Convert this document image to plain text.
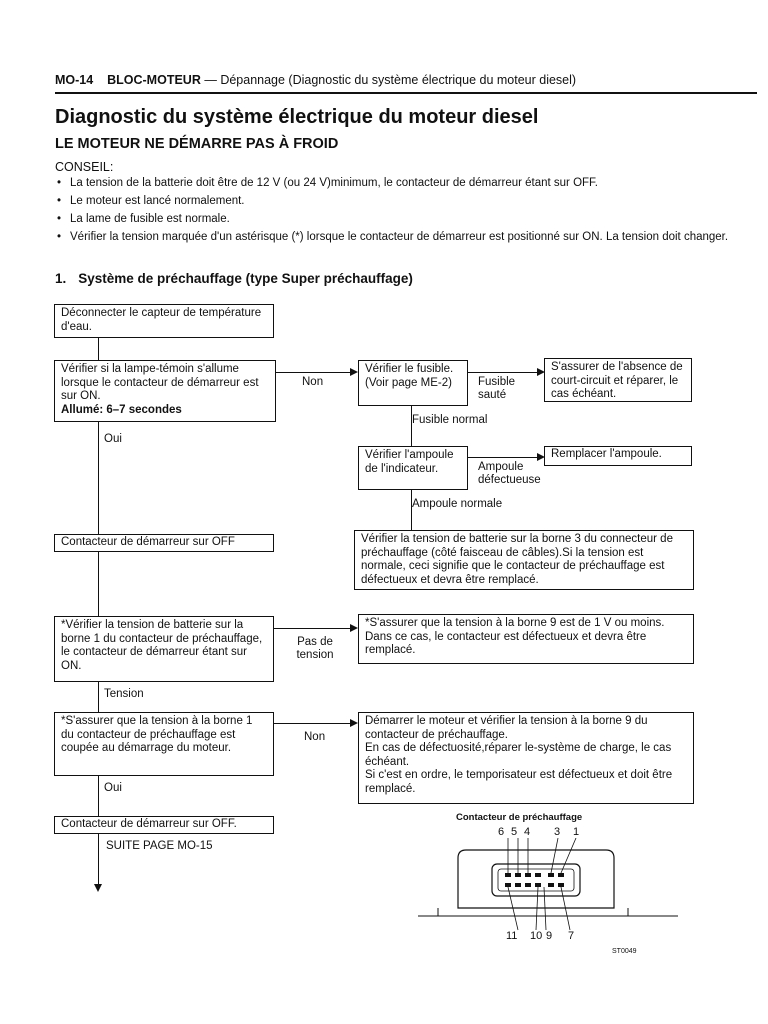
MO-14 BLOC-MOTEUR — Dépannage (Diagnostic du système électrique du moteur diesel)
Diagnostic du système électrique du moteur diesel
LE MOTEUR NE DÉMARRE PAS À FROID
CONSEIL:
• La tension de la batterie doit être de 12 V (ou 24 V)minimum, le contacteur de démarreur étant sur OFF.
• Le moteur est lancé normalement.
• La lame de fusible est normale.
• Vérifier la tension marquée d'un astérisque (*) lorsque le contacteur de démarreur est positionné sur ON. La tension doit changer.
1. Système de préchauffage (type Super préchauffage)
Déconnecter le capteur de température d'eau.
Vérifier si la lampe-témoin s'allume lorsque le contacteur de démarreur est sur ON.
Allumé: 6–7 secondes
Non
Vérifier le fusible.(Voir page ME-2)	Fusible sauté
S'assurer de l'absence de court-circuit et réparer, le cas échéant.
Fusible normal
Vérifier l'ampoule de l'indicateur.	Ampoule défectueuse
Remplacer l'ampoule.
Ampoule normale
Oui
Contacteur de démarreur sur OFF	Vérifier la tension de batterie sur la borne 3 du connecteur de préchauffage (côté faisceau de câbles).Si la tension est normale, ceci signifie que le contacteur de préchauffage est défectueux et devra être remplacé.
*Vérifier la tension de batterie sur la borne 1 du contacteur de préchauffage, le contacteur de démarreur étant sur ON.
Pas de tension
*S'assurer que la tension à la borne 9 est de 1 V ou moins. Dans ce cas, le contacteur est défectueux et devra être remplacé.
Tension
*S'assurer que la tension à la borne 1 du contacteur de préchauffage est coupée au démarrage du moteur.
Non
Démarrer le moteur et vérifier la tension à la borne 9 du contacteur de préchauffage.
En cas de défectuosité,réparer le-système de charge, le cas échéant.
Si c'est en ordre, le temporisateur est défectueux et doit être remplacé.
Oui
Contacteur de démarreur sur OFF.
SUITE PAGE MO-15
Contacteur de préchauffage
6 5 4 3 1
11 10 9 7
ST0049
